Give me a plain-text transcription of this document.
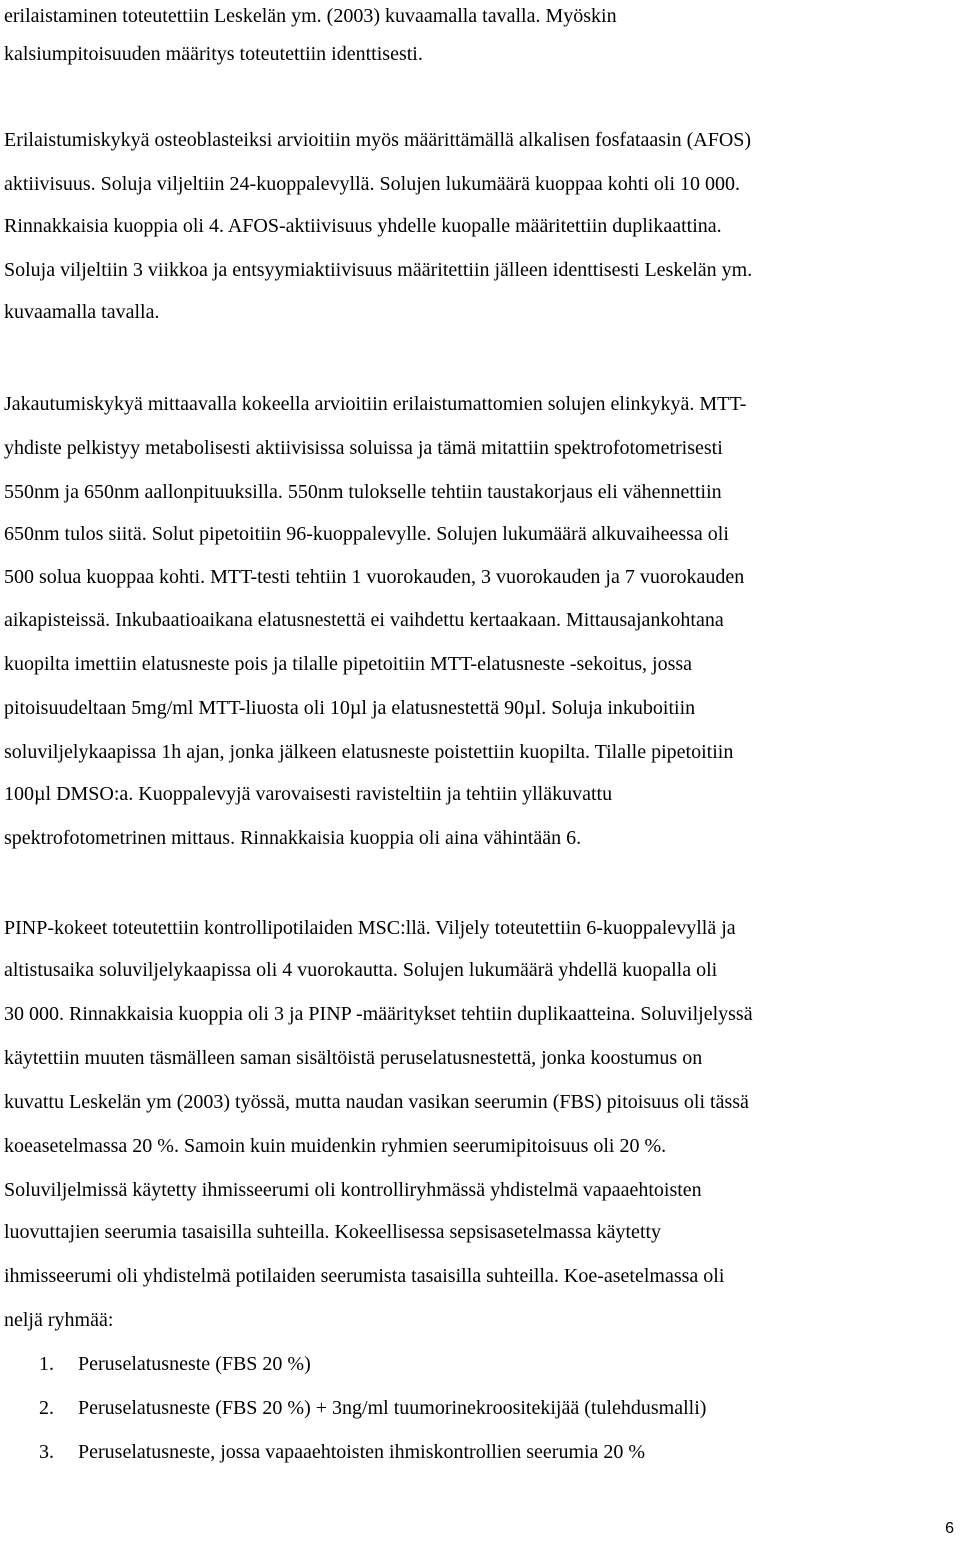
erilaistaminen toteutettiin Leskelän ym. (2003) kuvaamalla tavalla. Myöskin

kalsiumpitoisuuden määritys toteutettiin identtisesti.

Erilaistumiskykyä osteoblasteiksi arvioitiin myös määrittämällä alkalisen fosfataasin (AFOS)

aktiivisuus. Soluja viljeltiin 24-kuoppalevyllä. Solujen lukumäärä kuoppaa kohti oli 10 000.

Rinnakkaisia kuoppia oli 4. AFOS-aktiivisuus yhdelle kuopalle määritettiin duplikaattina.

Soluja viljeltiin 3 viikkoa ja entsyymiaktiivisuus määritettiin jälleen identtisesti Leskelän ym.

kuvaamalla tavalla.

Jakautumiskykyä mittaavalla kokeella arvioitiin erilaistumattomien solujen elinkykyä. MTT-

yhdiste pelkistyy metabolisesti aktiivisissa soluissa ja tämä mitattiin spektrofotometrisesti

550nm ja 650nm aallonpituuksilla. 550nm tulokselle tehtiin taustakorjaus eli vähennettiin

650nm tulos siitä. Solut pipetoitiin 96-kuoppalevylle. Solujen lukumäärä alkuvaiheessa oli

500 solua kuoppaa kohti. MTT-testi tehtiin 1 vuorokauden, 3 vuorokauden ja 7 vuorokauden

aikapisteissä. Inkubaatioaikana elatusnestettä ei vaihdettu kertaakaan. Mittausajankohtana

kuopilta imettiin elatusneste pois ja tilalle pipetoitiin MTT-elatusneste -sekoitus, jossa

pitoisuudeltaan 5mg/ml MTT-liuosta oli 10µl ja elatusnestettä 90µl. Soluja inkuboitiin

soluviljelykaapissa 1h ajan, jonka jälkeen elatusneste poistettiin kuopilta. Tilalle pipetoitiin

100µl DMSO:a. Kuoppalevyjä varovaisesti ravisteltiin ja tehtiin ylläkuvattu

spektrofotometrinen mittaus. Rinnakkaisia kuoppia oli aina vähintään 6.

PINP-kokeet toteutettiin kontrollipotilaiden MSC:llä. Viljely toteutettiin 6-kuoppalevyllä ja

altistusaika soluviljelykaapissa oli 4 vuorokautta. Solujen lukumäärä yhdellä kuopalla oli

30 000. Rinnakkaisia kuoppia oli 3 ja PINP -määritykset tehtiin duplikaatteina. Soluviljelyssä

käytettiin muuten täsmälleen saman sisältöistä peruselatusnestettä, jonka koostumus on

kuvattu Leskelän ym (2003) työssä, mutta naudan vasikan seerumin (FBS) pitoisuus oli tässä

koeasetelmassa 20 %. Samoin kuin muidenkin ryhmien seerumipitoisuus oli 20 %.

Soluviljelmissä käytetty ihmisseerumi oli kontrolliryhmässä yhdistelmä vapaaehtoisten

luovuttajien seerumia tasaisilla suhteilla. Kokeellisessa sepsisasetelmassa käytetty

ihmisseerumi oli yhdistelmä potilaiden seerumista tasaisilla suhteilla. Koe-asetelmassa oli

neljä ryhmää:

1. Peruselatusneste (FBS 20 %)
2. Peruselatusneste (FBS 20 %) + 3ng/ml tuumorinekroositekijää (tulehdusmalli)
3. Peruselatusneste, jossa vapaaehtoisten ihmiskontrollien seerumia 20 %
6
